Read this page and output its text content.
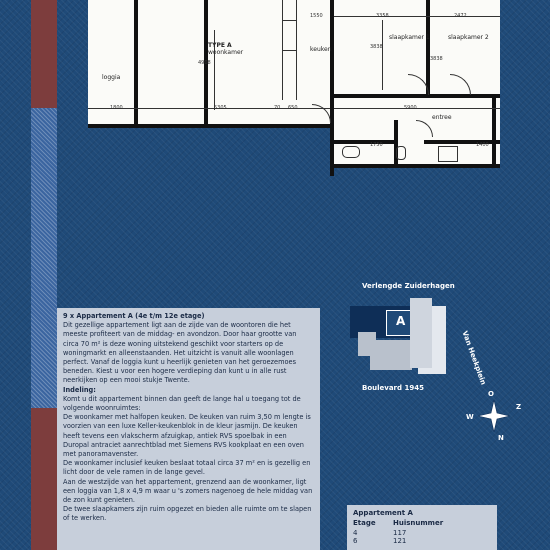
TYPE A
woonkamer
loggia
keuken
slaapkamer 1	slaapkamer 2
entree
1800	5305	70 650
1550	3358	2472
3838
3838
5900
4908
1750	1400

9 x Appartement A (4e t/m 12e etage)

Dit gezellige appartement ligt aan de zijde van de woontoren die het meeste profiteert van de middag- en avondzon. Door haar grootte van circa 70 m² is deze woning uitstekend geschikt voor starters op de woningmarkt en alleenstaanden. Het uitzicht is vanuit alle woonlagen perfect. Vanaf de loggia kunt u heerlijk genieten van het geroezemoes beneden. Kiest u voor een hogere verdieping dan kunt u in alle rust neerkijken op een mooi stukje Twente.

Indeling:

Komt u dit appartement binnen dan geeft de lange hal u toegang tot de volgende woonruimtes:

De woonkamer met halfopen keuken. De keuken van ruim 3,50 m lengte is voorzien van een luxe Keller-keukenblok in de kleur jasmijn. De keuken heeft tevens een vlakscherm afzuigkap, antiek RVS spoelbak in een Duropal antraciet aanrechtblad met Siemens RVS kookplaat en een oven met panoramavenster.

De woonkamer inclusief keuken beslaat totaal circa 37 m² en is gezellig en licht door de vele ramen in de lange gevel.

Aan de westzijde van het appartement, grenzend aan de woonkamer, ligt een loggia van 1,8 x 4,9 m waar u 's zomers nagenoeg de hele middag van de zon kunt genieten.

De twee slaapkamers zijn ruim opgezet en bieden alle ruimte om te slapen of te werken.

Verlengde Zuiderhagen
Van Heekplein
Boulevard 1945
A
W
Z
N
O
Appartement A
Etage	Huisnummer
4	117
6	121
